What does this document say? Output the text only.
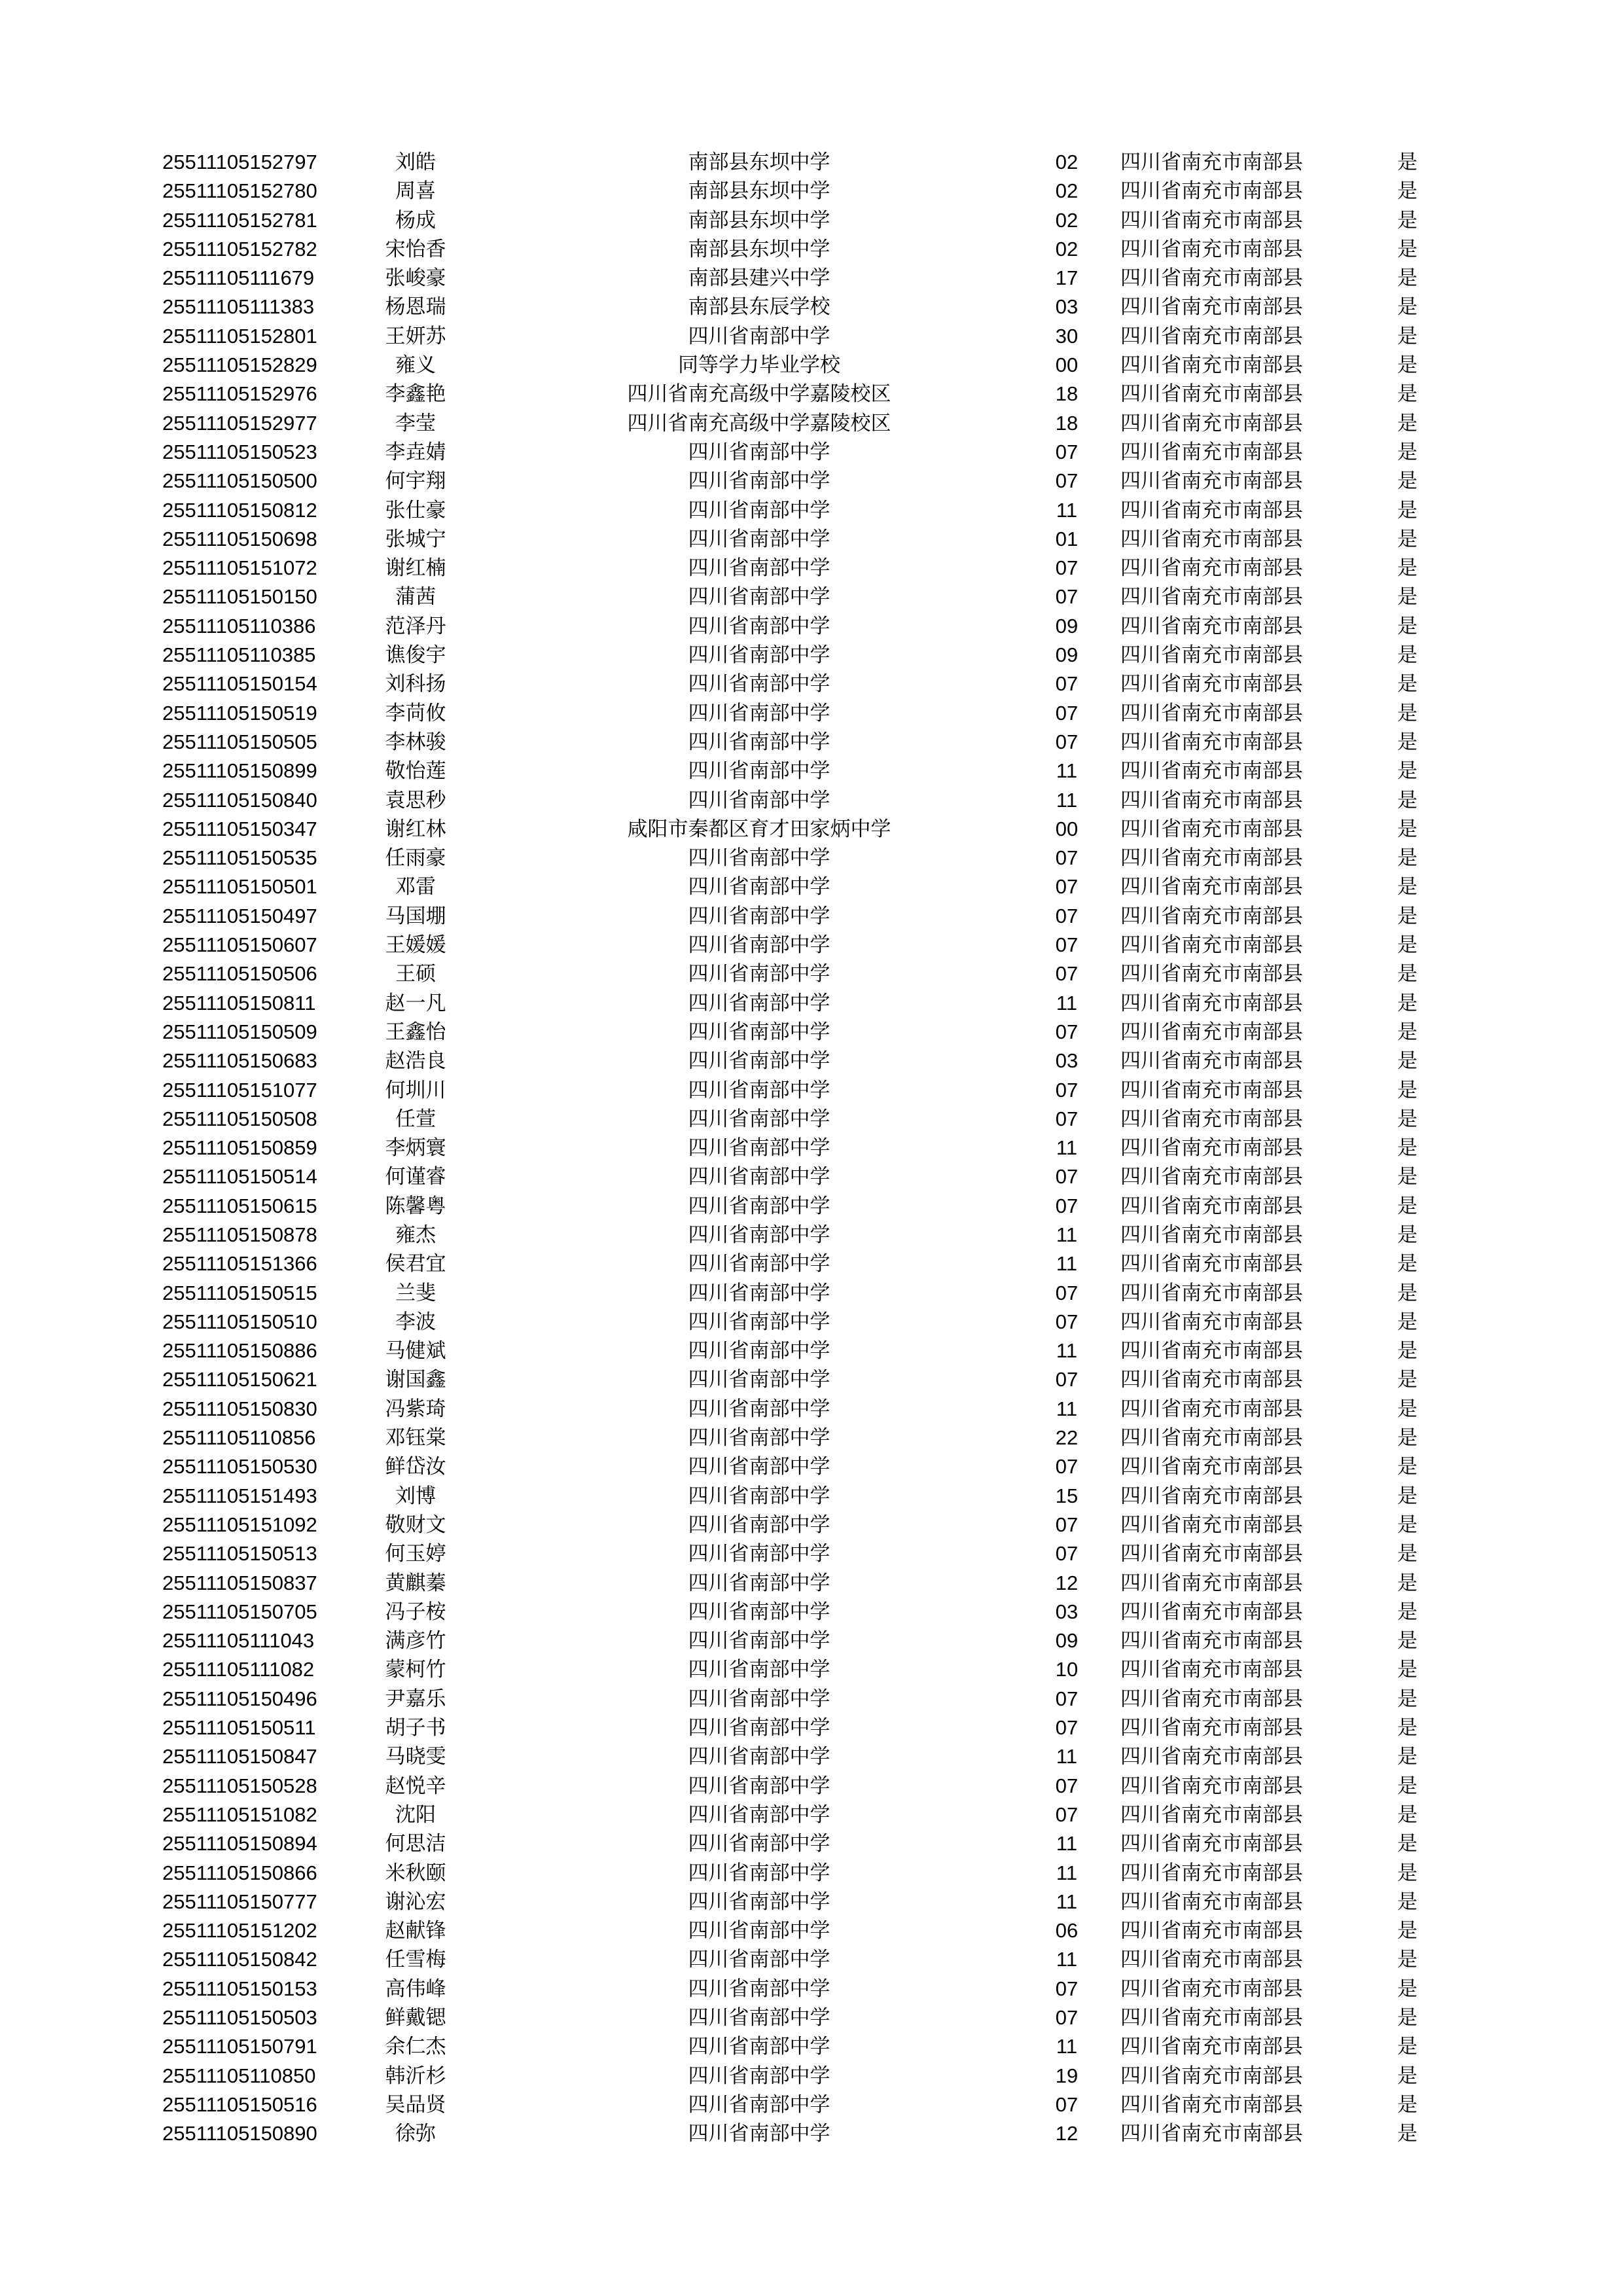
25511105152797	刘皓	南部县东坝中学	02	四川省南充市南部县	是
25511105152780	周喜	南部县东坝中学	02	四川省南充市南部县	是
25511105152781	杨成	南部县东坝中学	02	四川省南充市南部县	是
25511105152782	宋怡香	南部县东坝中学	02	四川省南充市南部县	是
25511105111679	张峻豪	南部县建兴中学	17	四川省南充市南部县	是
25511105111383	杨恩瑞	南部县东辰学校	03	四川省南充市南部县	是
25511105152801	王妍苏	四川省南部中学	30	四川省南充市南部县	是
25511105152829	雍义	同等学力毕业学校	00	四川省南充市南部县	是
25511105152976	李鑫艳	四川省南充高级中学嘉陵校区	18	四川省南充市南部县	是
25511105152977	李莹	四川省南充高级中学嘉陵校区	18	四川省南充市南部县	是
25511105150523	李垚婧	四川省南部中学	07	四川省南充市南部县	是
25511105150500	何宇翔	四川省南部中学	07	四川省南充市南部县	是
25511105150812	张仕豪	四川省南部中学	11	四川省南充市南部县	是
25511105150698	张城宁	四川省南部中学	01	四川省南充市南部县	是
25511105151072	谢红楠	四川省南部中学	07	四川省南充市南部县	是
25511105150150	蒲茜	四川省南部中学	07	四川省南充市南部县	是
25511105110386	范泽丹	四川省南部中学	09	四川省南充市南部县	是
25511105110385	谯俊宇	四川省南部中学	09	四川省南充市南部县	是
25511105150154	刘科扬	四川省南部中学	07	四川省南充市南部县	是
25511105150519	李苘攸	四川省南部中学	07	四川省南充市南部县	是
25511105150505	李林骏	四川省南部中学	07	四川省南充市南部县	是
25511105150899	敬怡莲	四川省南部中学	11	四川省南充市南部县	是
25511105150840	袁思秒	四川省南部中学	11	四川省南充市南部县	是
25511105150347	谢红林	咸阳市秦都区育才田家炳中学	00	四川省南充市南部县	是
25511105150535	任雨豪	四川省南部中学	07	四川省南充市南部县	是
25511105150501	邓雷	四川省南部中学	07	四川省南充市南部县	是
25511105150497	马国堋	四川省南部中学	07	四川省南充市南部县	是
25511105150607	王媛媛	四川省南部中学	07	四川省南充市南部县	是
25511105150506	王硕	四川省南部中学	07	四川省南充市南部县	是
25511105150811	赵一凡	四川省南部中学	11	四川省南充市南部县	是
25511105150509	王鑫怡	四川省南部中学	07	四川省南充市南部县	是
25511105150683	赵浩良	四川省南部中学	03	四川省南充市南部县	是
25511105151077	何圳川	四川省南部中学	07	四川省南充市南部县	是
25511105150508	任萱	四川省南部中学	07	四川省南充市南部县	是
25511105150859	李炳寰	四川省南部中学	11	四川省南充市南部县	是
25511105150514	何谨睿	四川省南部中学	07	四川省南充市南部县	是
25511105150615	陈馨粤	四川省南部中学	07	四川省南充市南部县	是
25511105150878	雍杰	四川省南部中学	11	四川省南充市南部县	是
25511105151366	侯君宜	四川省南部中学	11	四川省南充市南部县	是
25511105150515	兰斐	四川省南部中学	07	四川省南充市南部县	是
25511105150510	李波	四川省南部中学	07	四川省南充市南部县	是
25511105150886	马健斌	四川省南部中学	11	四川省南充市南部县	是
25511105150621	谢国鑫	四川省南部中学	07	四川省南充市南部县	是
25511105150830	冯紫琦	四川省南部中学	11	四川省南充市南部县	是
25511105110856	邓钰棠	四川省南部中学	22	四川省南充市南部县	是
25511105150530	鲜岱汝	四川省南部中学	07	四川省南充市南部县	是
25511105151493	刘博	四川省南部中学	15	四川省南充市南部县	是
25511105151092	敬财文	四川省南部中学	07	四川省南充市南部县	是
25511105150513	何玉婷	四川省南部中学	07	四川省南充市南部县	是
25511105150837	黄麒蓁	四川省南部中学	12	四川省南充市南部县	是
25511105150705	冯子桉	四川省南部中学	03	四川省南充市南部县	是
25511105111043	满彦竹	四川省南部中学	09	四川省南充市南部县	是
25511105111082	蒙柯竹	四川省南部中学	10	四川省南充市南部县	是
25511105150496	尹嘉乐	四川省南部中学	07	四川省南充市南部县	是
25511105150511	胡子书	四川省南部中学	07	四川省南充市南部县	是
25511105150847	马晓雯	四川省南部中学	11	四川省南充市南部县	是
25511105150528	赵悦辛	四川省南部中学	07	四川省南充市南部县	是
25511105151082	沈阳	四川省南部中学	07	四川省南充市南部县	是
25511105150894	何思洁	四川省南部中学	11	四川省南充市南部县	是
25511105150866	米秋颐	四川省南部中学	11	四川省南充市南部县	是
25511105150777	谢沁宏	四川省南部中学	11	四川省南充市南部县	是
25511105151202	赵献锋	四川省南部中学	06	四川省南充市南部县	是
25511105150842	任雪梅	四川省南部中学	11	四川省南充市南部县	是
25511105150153	高伟峰	四川省南部中学	07	四川省南充市南部县	是
25511105150503	鲜戴锶	四川省南部中学	07	四川省南充市南部县	是
25511105150791	余仁杰	四川省南部中学	11	四川省南充市南部县	是
25511105110850	韩沂杉	四川省南部中学	19	四川省南充市南部县	是
25511105150516	吴品贤	四川省南部中学	07	四川省南充市南部县	是
25511105150890	徐弥	四川省南部中学	12	四川省南充市南部县	是
